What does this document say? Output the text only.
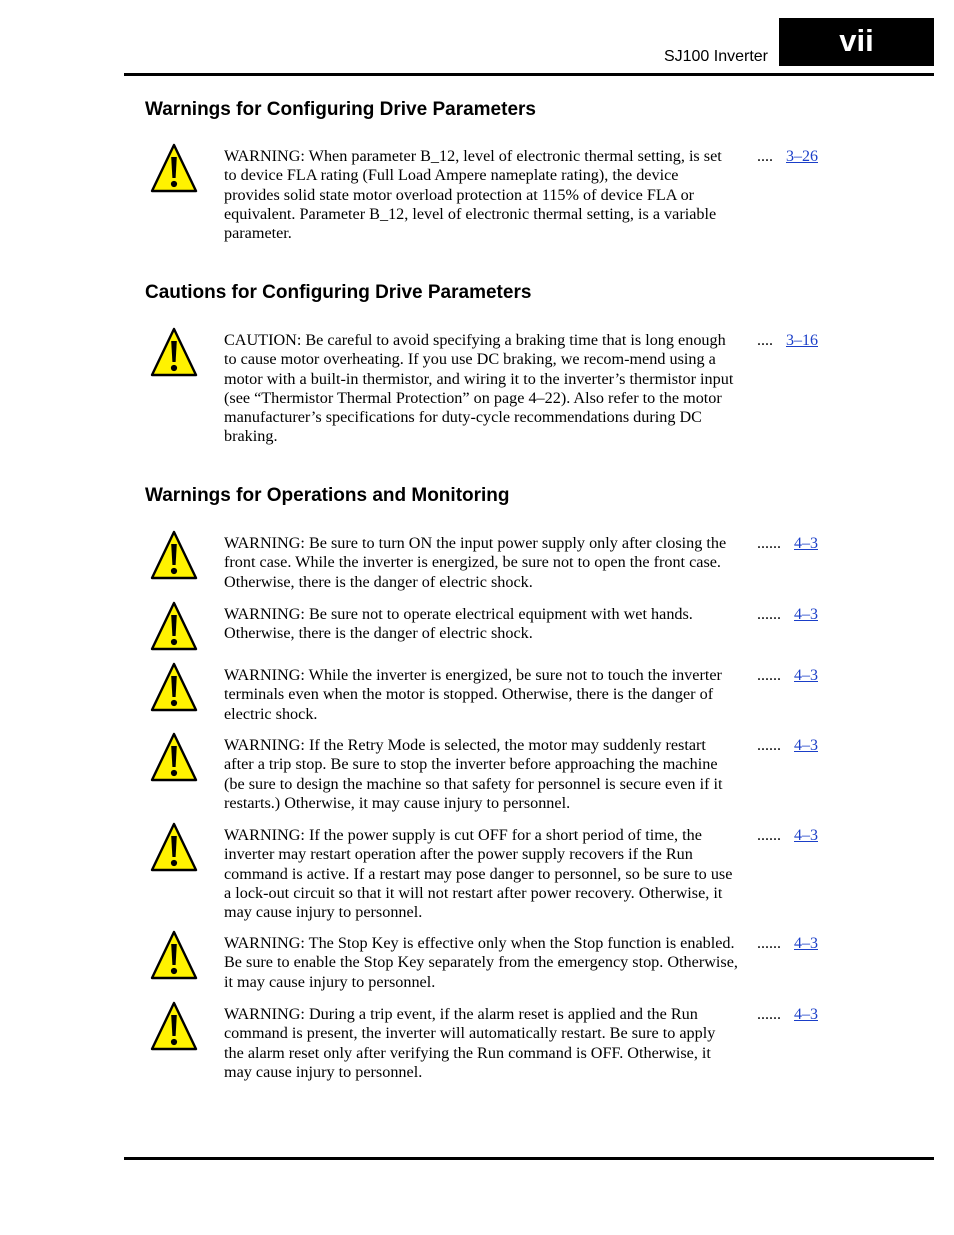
SJ100 Inverter	vii
Warnings for Configuring Drive Parameters
WARNING: When parameter B_12, level of electronic thermal setting, is set to device FLA rating (Full Load Ampere nameplate rating), the device provides solid state motor overload protection at 115% of device FLA or equivalent. Parameter B_12, level of electronic thermal setting, is a variable parameter.
.... 3–26
Cautions for Configuring Drive Parameters
CAUTION: Be careful to avoid specifying a braking time that is long enough to cause motor overheating. If you use DC braking, we recom-mend using a motor with a built-in thermistor, and wiring it to the inverter’s thermistor input (see “Thermistor Thermal Protection” on page 4–22). Also refer to the motor manufacturer’s specifications for duty-cycle recommendations during DC braking.
.... 3–16
Warnings for Operations and Monitoring
WARNING: Be sure to turn ON the input power supply only after closing the front case. While the inverter is energized, be sure not to open the front case. Otherwise, there is the danger of electric shock.
...... 4–3
WARNING: Be sure not to operate electrical equipment with wet hands. Otherwise, there is the danger of electric shock.
...... 4–3
WARNING: While the inverter is energized, be sure not to touch the inverter terminals even when the motor is stopped. Otherwise, there is the danger of electric shock.
...... 4–3
WARNING: If the Retry Mode is selected, the motor may suddenly restart after a trip stop. Be sure to stop the inverter before approaching the machine (be sure to design the machine so that safety for personnel is secure even if it restarts.) Otherwise, it may cause injury to personnel.
...... 4–3
WARNING: If the power supply is cut OFF for a short period of time, the inverter may restart operation after the power supply recovers if the Run command is active. If a restart may pose danger to personnel, so be sure to use a lock-out circuit so that it will not restart after power recovery. Otherwise, it may cause injury to personnel.
...... 4–3
WARNING: The Stop Key is effective only when the Stop function is enabled. Be sure to enable the Stop Key separately from the emergency stop. Otherwise, it may cause injury to personnel.
...... 4–3
WARNING: During a trip event, if the alarm reset is applied and the Run command is present, the inverter will automatically restart. Be sure to apply the alarm reset only after verifying the Run command is OFF. Otherwise, it may cause injury to personnel.
...... 4–3
